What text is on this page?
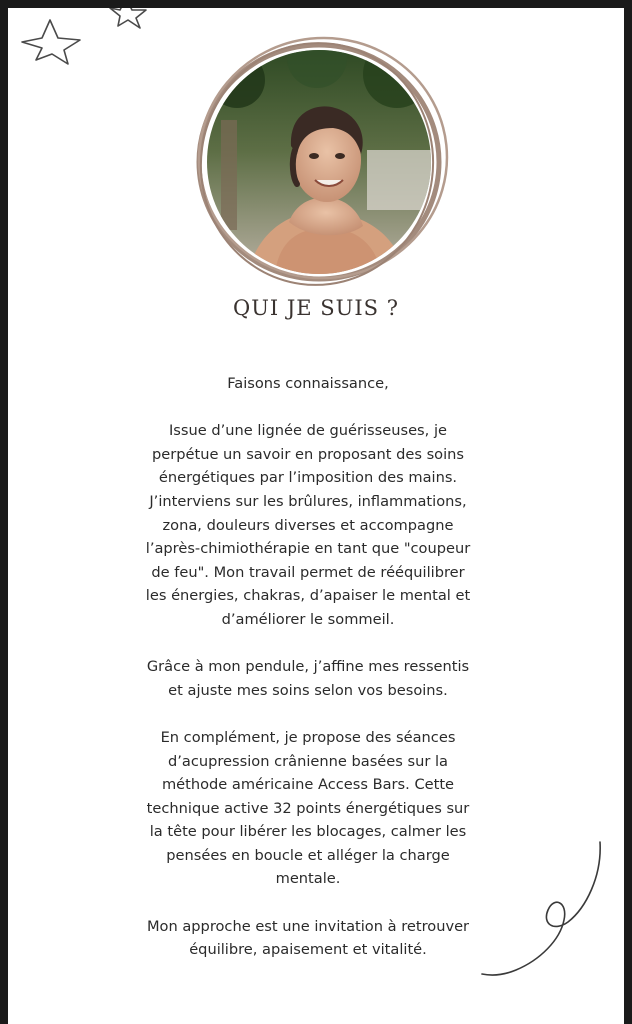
QUI JE SUIS ?

Faisons connaissance,

Issue d’une lignée de guérisseuses, je
perpétue un savoir en proposant des soins
énergétiques par l’imposition des mains.
J’interviens sur les brûlures, inflammations,
zona, douleurs diverses et accompagne
l’après-chimiothérapie en tant que "coupeur
de feu". Mon travail permet de rééquilibrer
les énergies, chakras, d’apaiser le mental et
d’améliorer le sommeil.

Grâce à mon pendule, j’affine mes ressentis
et ajuste mes soins selon vos besoins.

En complément, je propose des séances
d’acupression crânienne basées sur la
méthode américaine Access Bars. Cette
technique active 32 points énergétiques sur
la tête pour libérer les blocages, calmer les
pensées en boucle et alléger la charge
mentale.

Mon approche est une invitation à retrouver
équilibre, apaisement et vitalité.
